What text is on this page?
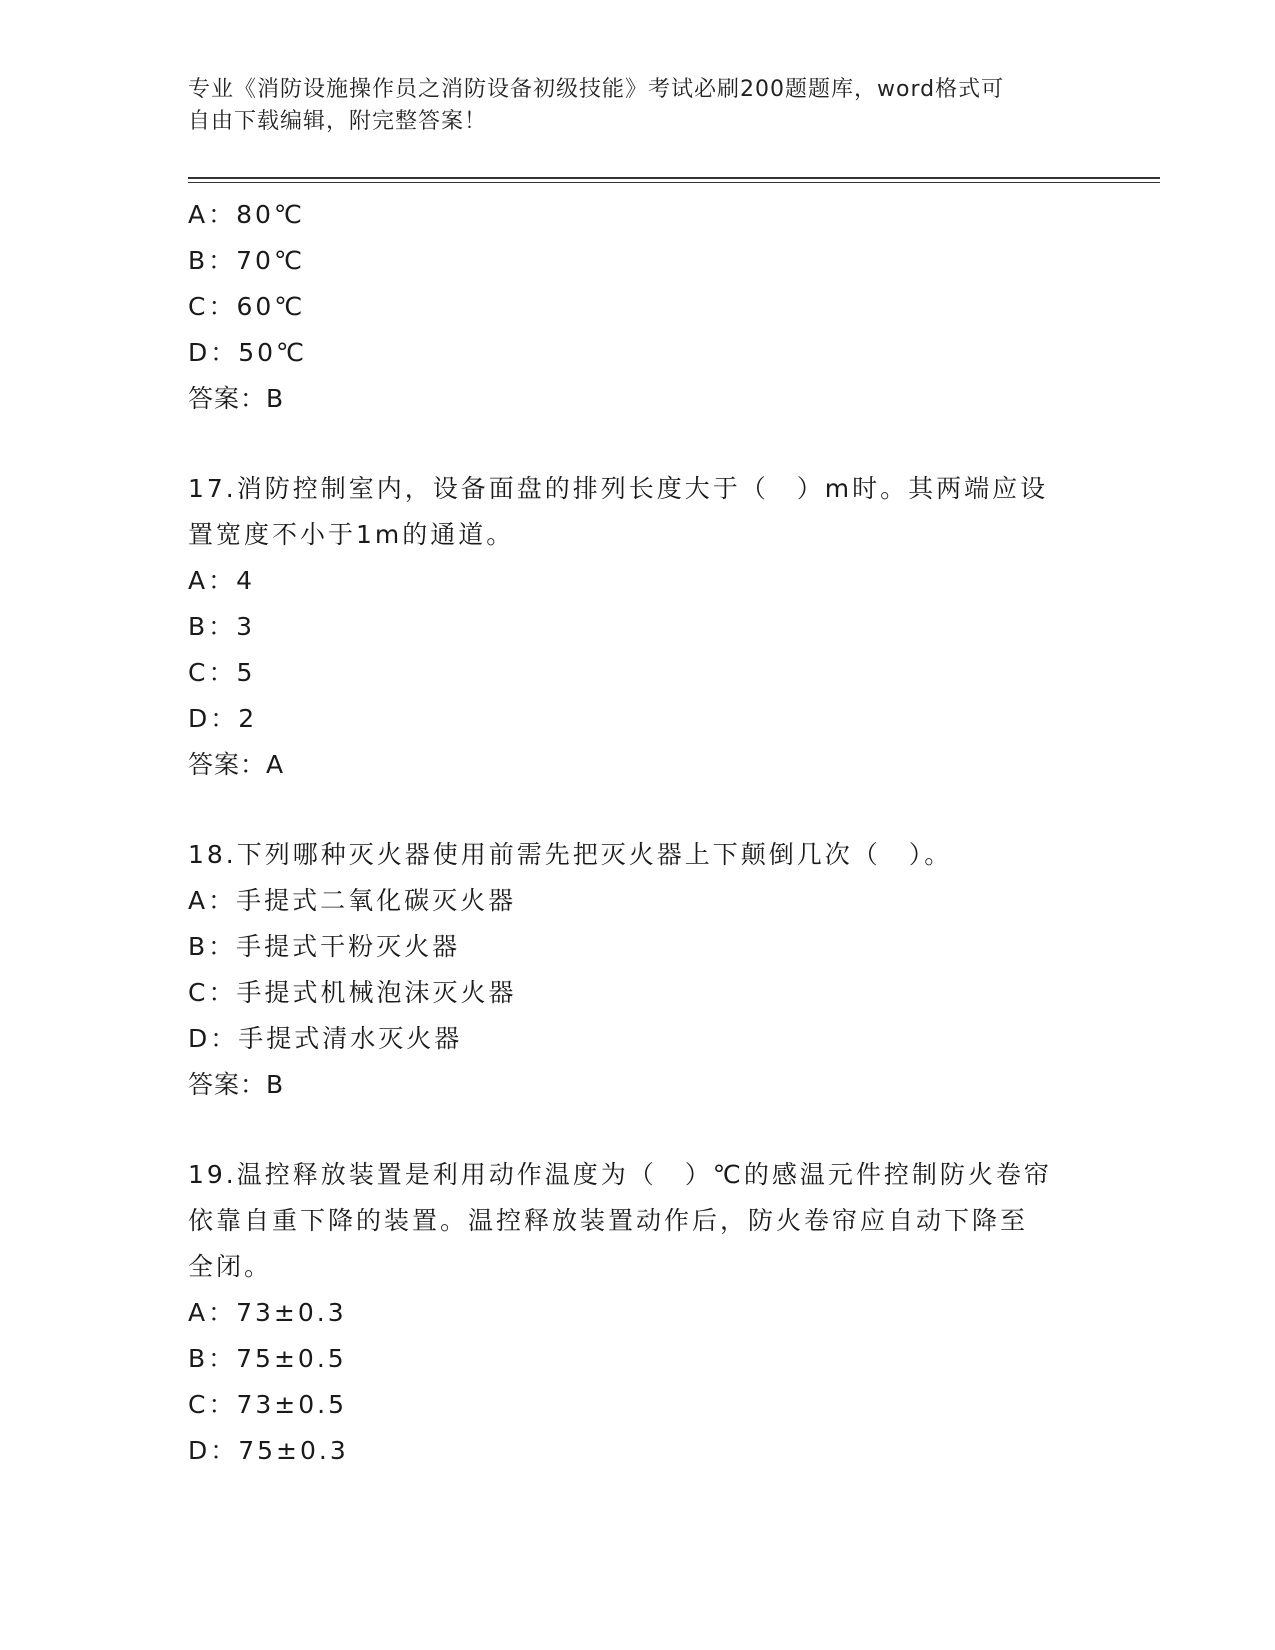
专业《消防设施操作员之消防设备初级技能》考试必刷200题题库，word格式可
自由下载编辑，附完整答案！
A：80℃
B：70℃
C：60℃
D：50℃
答案：B
17.消防控制室内，设备面盘的排列长度大于（　）m时。其两端应设
置宽度不小于1m的通道。
A：4
B：3
C：5
D：2
答案：A
18.下列哪种灭火器使用前需先把灭火器上下颠倒几次（　）。
A：手提式二氧化碳灭火器
B：手提式干粉灭火器
C：手提式机械泡沫灭火器
D：手提式清水灭火器
答案：B
19.温控释放装置是利用动作温度为（　）℃的感温元件控制防火卷帘
依靠自重下降的装置。温控释放装置动作后，防火卷帘应自动下降至
全闭。
A：73±0.3
B：75±0.5
C：73±0.5
D：75±0.3
